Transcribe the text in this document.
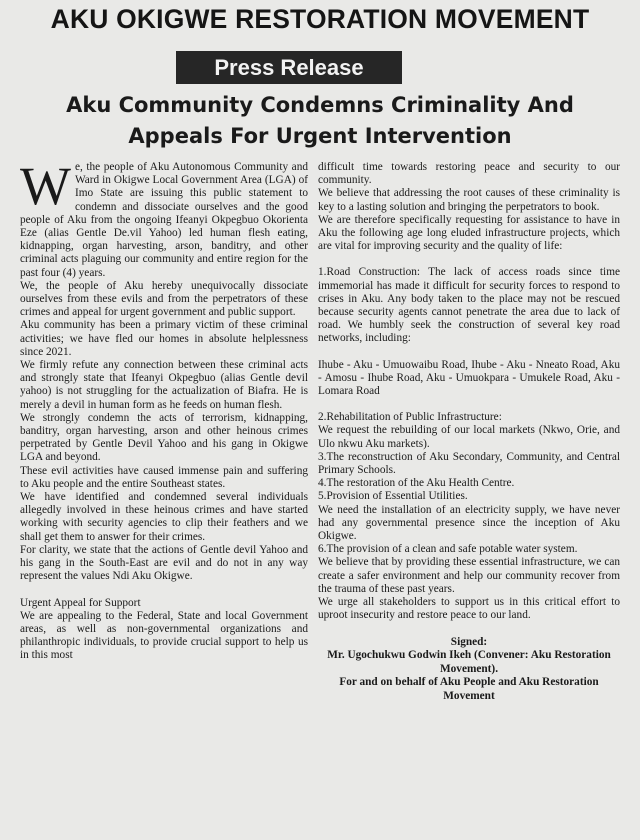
AKU OKIGWE RESTORATION MOVEMENT
Press Release
Aku Community Condemns Criminality And
Appeals For Urgent Intervention

We, the people of Aku Autonomous Community and Ward in Okigwe Local Government Area (LGA) of Imo State are issuing this public statement to condemn and dissociate ourselves and the good people of Aku from the ongoing Ifeanyi Okpegbuo Okorienta Eze (alias Gentle De.vil Yahoo) led human flesh eating, kidnapping, organ harvesting, arson, banditry, and other criminal acts plaguing our community and entire region for the past four (4) years.

We, the people of Aku hereby unequivocally dissociate ourselves from these evils and from the perpetrators of these crimes and appeal for urgent government and public support.

Aku community has been a primary victim of these criminal activities; we have fled our homes in absolute helplessness since 2021.

We firmly refute any connection between these criminal acts and strongly state that Ifeanyi Okpegbuo (alias Gentle devil yahoo) is not struggling for the actualization of Biafra. He is merely a devil in human form as he feeds on human flesh.

We strongly condemn the acts of terrorism, kidnapping, banditry, organ harvesting, arson and other heinous crimes perpetrated by Gentle Devil Yahoo and his gang in Okigwe LGA and beyond.

These evil activities have caused immense pain and suffering to Aku people and the entire Southeast states.

We have identified and condemned several individuals allegedly involved in these heinous crimes and have started working with security agencies to clip their feathers and we shall get them to answer for their crimes.

For clarity, we state that the actions of Gentle devil Yahoo and his gang in the South-East are evil and do not in any way represent the values Ndi Aku Okigwe.

Urgent Appeal for Support

We are appealing to the Federal, State and local Government areas, as well as non-governmental organizations and philanthropic individuals, to provide crucial support to help us in this most

difficult time towards restoring peace and security to our community.

We believe that addressing the root causes of these criminality is key to a lasting solution and bringing the perpetrators to book.

We are therefore specifically requesting for assistance to have in Aku the following age long eluded infrastructure projects, which are vital for improving security and the quality of life:

1.Road Construction: The lack of access roads since time immemorial has made it difficult for security forces to respond to crises in Aku. Any body taken to the place may not be rescued because security agents cannot penetrate the area due to lack of road. We humbly seek the construction of several key road networks, including:

Ihube - Aku - Umuowaibu Road, Ihube - Aku - Nneato Road, Aku - Amosu - Ihube Road, Aku - Umuokpara - Umukele Road, Aku - Lomara Road

2.Rehabilitation of Public Infrastructure:

We request the rebuilding of our local markets (Nkwo, Orie, and Ulo nkwu Aku markets).

3.The reconstruction of Aku Secondary, Community, and Central Primary Schools.

4.The restoration of the Aku Health Centre.

5.Provision of Essential Utilities.

We need the installation of an electricity supply, we have never had any governmental presence since the inception of Aku Okigwe.

6.The provision of a clean and safe potable water system.

We believe that by providing these essential infrastructure, we can create a safer environment and help our community recover from the trauma of these past years.

We urge all stakeholders to support us in this critical effort to uproot insecurity and restore peace to our land.

Signed:
Mr. Ugochukwu Godwin Ikeh (Convener: Aku Restoration Movement).
For and on behalf of Aku People and Aku Restoration Movement
